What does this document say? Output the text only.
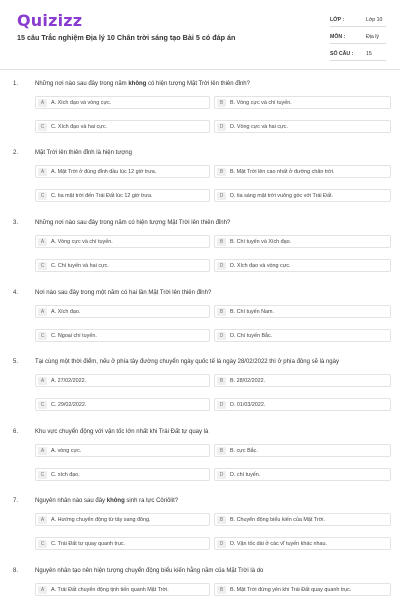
Quizizz
15 câu Trắc nghiệm Địa lý 10 Chân trời sáng tạo Bài 5 có đáp án
LỚP :	Lớp 10
MÔN :	Địa lý
SỐ CÂU : 15
1.	Những nơi nào sau đây trong năm không có hiện tượng Mặt Trời lên thiên đỉnh?
2.	Mặt Trời lên thiên đỉnh là hiện tượng
3.	Những nơi nào sau đây trong năm có hiện tượng Mặt Trời lên thiên đỉnh?
4.	Nơi nào sau đây trong một năm có hai lần Mặt Trời lên thiên đỉnh?
5.	Tại cùng một thời điểm, nếu ở phía tây đường chuyển ngày quốc tế là ngày 28/02/2022 thì ở phía đông sẽ là ngày
6.	Khu vực chuyển động với vận tốc lớn nhất khi Trái Đất tự quay là
7.	Nguyên nhân nào sau đây không sinh ra lực Côriôlit?
8.	Nguyên nhân tạo nên hiện tượng chuyển động biểu kiến hằng năm của Mặt Trời là do
A	A. Xích đạo và vòng cực.	B	B. Vòng cực và chí tuyến.
C	C. Xích đạo và hai cực.	D	D. Vòng cực và hai cực.
A	A. Mặt Trời ở đúng đỉnh đầu lúc 12 giờ trưa.	B	B. Mặt Trời lên cao nhất ở đường chân trời.
C	C. tia mặt trời đến Trái Đất lúc 12 giờ trưa.	D	D. tia sáng mặt trời vuông góc với Trái Đất.
A	A. Vòng cực và chí tuyến.	B	B. Chí tuyến và Xích đạo.
C	C. Chí tuyến và hai cực.	D	D. Xích đạo và vòng cực.
A	A. Xích đạo.	B	B. Chí tuyến Nam.
C	C. Ngoại chí tuyến.	D	D. Chí tuyến Bắc.
A	A. 27/02/2022.	B	B. 28/02/2022.
C	C. 29/02/2022.	D	D. 01/03/2022.
A	A. vòng cực.	B	B. cực Bắc.
C	C. xích đạo.	D	D. chí tuyến.
A	A. Hướng chuyển động từ tây sang đông.	B	B. Chuyển động biểu kiến của Mặt Trời.
C	C. Trái Đất tự quay quanh trục.	D	D. Vận tốc dài ở các vĩ tuyến khác nhau.
A	A. Trái Đất chuyển động tịnh tiến quanh Mặt Trời.	B	B. Mặt Trời đứng yên khi Trái Đất quay quanh trục.
